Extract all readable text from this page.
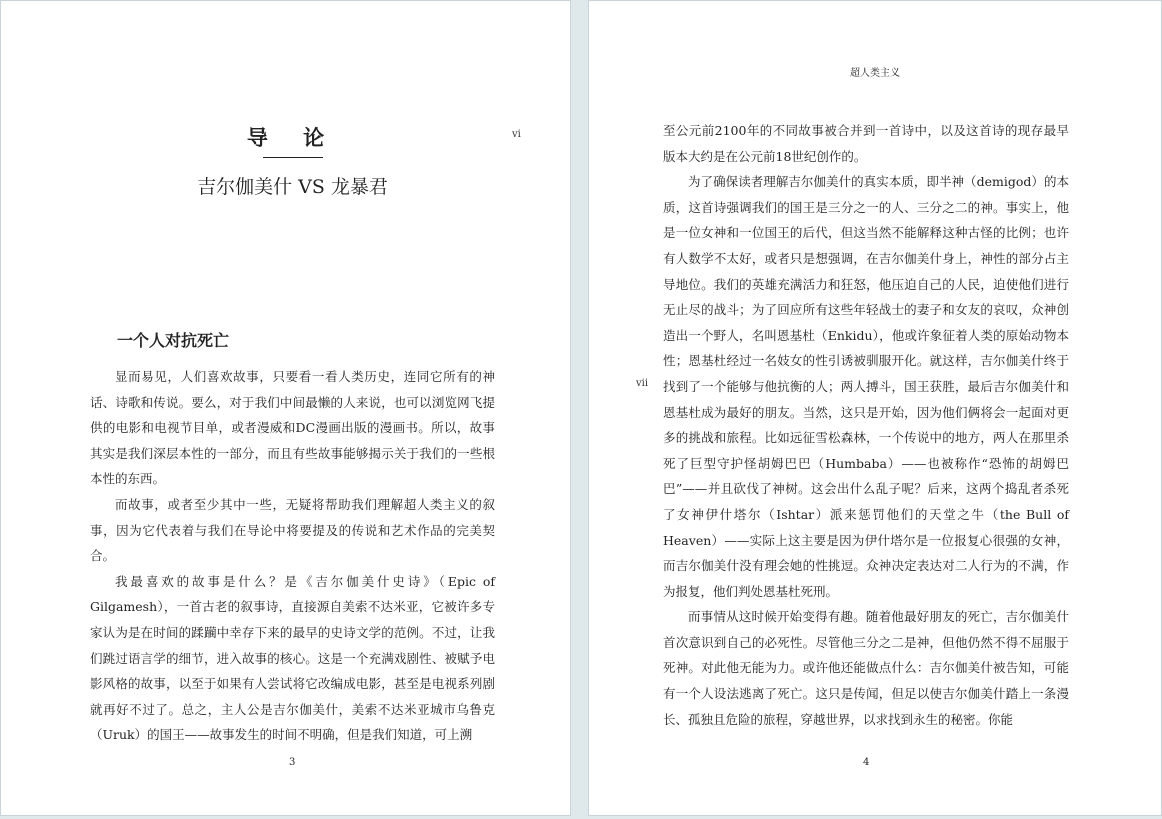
导 论
吉尔伽美什 VS 龙暴君
vi
一个人对抗死亡

显而易见，人们喜欢故事，只要看一看人类历史，连同它所有的神话、诗歌和传说。要么，对于我们中间最懒的人来说，也可以浏览网飞提供的电影和电视节目单，或者漫威和DC漫画出版的漫画书。所以，故事其实是我们深层本性的一部分，而且有些故事能够揭示关于我们的一些根本性的东西。

而故事，或者至少其中一些，无疑将帮助我们理解超人类主义的叙事，因为它代表着与我们在导论中将要提及的传说和艺术作品的完美契合。

我最喜欢的故事是什么？是《吉尔伽美什史诗》（Epic of Gilgamesh），一首古老的叙事诗，直接源自美索不达米亚，它被许多专家认为是在时间的蹂躏中幸存下来的最早的史诗文学的范例。不过，让我们跳过语言学的细节，进入故事的核心。这是一个充满戏剧性、被赋予电影风格的故事，以至于如果有人尝试将它改编成电影，甚至是电视系列剧就再好不过了。总之，主人公是吉尔伽美什，美索不达米亚城市乌鲁克（Uruk）的国王——故事发生的时间不明确，但是我们知道，可上溯

3
超人类主义
vii

至公元前2100年的不同故事被合并到一首诗中，以及这首诗的现存最早版本大约是在公元前18世纪创作的。

为了确保读者理解吉尔伽美什的真实本质，即半神（demigod）的本质，这首诗强调我们的国王是三分之一的人、三分之二的神。事实上，他是一位女神和一位国王的后代，但这当然不能解释这种古怪的比例；也许有人数学不太好，或者只是想强调，在吉尔伽美什身上，神性的部分占主导地位。我们的英雄充满活力和狂怒，他压迫自己的人民，迫使他们进行无止尽的战斗；为了回应所有这些年轻战士的妻子和女友的哀叹，众神创造出一个野人，名叫恩基杜（Enkidu），他或许象征着人类的原始动物本性；恩基杜经过一名妓女的性引诱被驯服开化。就这样，吉尔伽美什终于找到了一个能够与他抗衡的人；两人搏斗，国王获胜，最后吉尔伽美什和恩基杜成为最好的朋友。当然，这只是开始，因为他们俩将会一起面对更多的挑战和旅程。比如远征雪松森林，一个传说中的地方，两人在那里杀死了巨型守护怪胡姆巴巴（Humbaba）——也被称作“恐怖的胡姆巴巴”——并且砍伐了神树。这会出什么乱子呢？后来，这两个捣乱者杀死了女神伊什塔尔（Ishtar）派来惩罚他们的天堂之牛（the Bull of Heaven）——实际上这主要是因为伊什塔尔是一位报复心很强的女神，而吉尔伽美什没有理会她的性挑逗。众神决定表达对二人行为的不满，作为报复，他们判处恩基杜死刑。

而事情从这时候开始变得有趣。随着他最好朋友的死亡，吉尔伽美什首次意识到自己的必死性。尽管他三分之二是神，但他仍然不得不屈服于死神。对此他无能为力。或许他还能做点什么：吉尔伽美什被告知，可能有一个人设法逃离了死亡。这只是传闻，但足以使吉尔伽美什踏上一条漫长、孤独且危险的旅程，穿越世界，以求找到永生的秘密。你能

4
